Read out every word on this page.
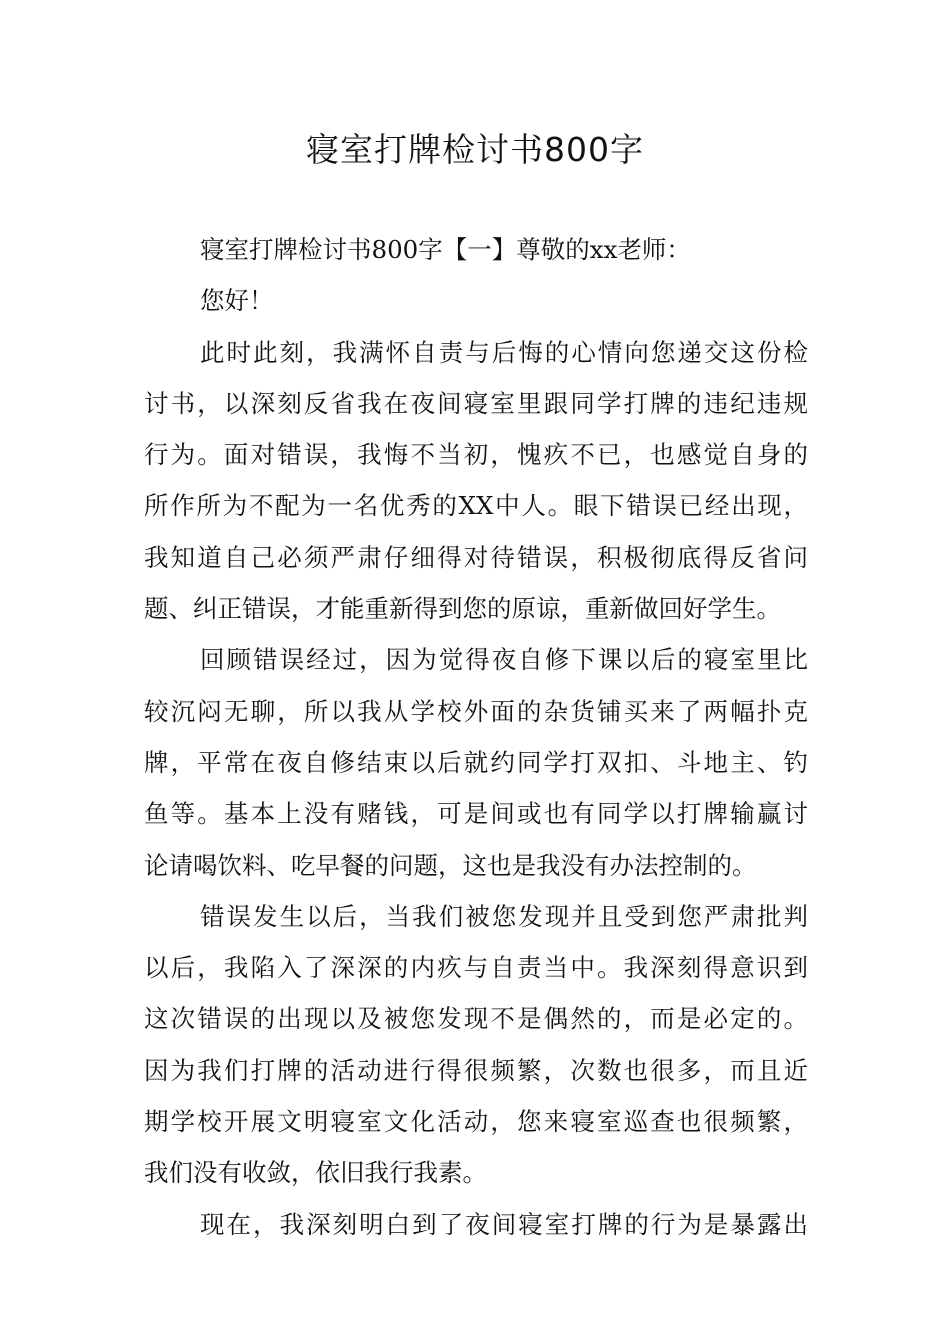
寝室打牌检讨书800字
寝室打牌检讨书800字【一】尊敬的xx老师：
您好！
此时此刻，我满怀自责与后悔的心情向您递交这份检
讨书，以深刻反省我在夜间寝室里跟同学打牌的违纪违规
行为。面对错误，我悔不当初，愧疚不已，也感觉自身的
所作所为不配为一名优秀的XX中人。眼下错误已经出现，
我知道自己必须严肃仔细得对待错误，积极彻底得反省问
题、纠正错误，才能重新得到您的原谅，重新做回好学生。
回顾错误经过，因为觉得夜自修下课以后的寝室里比
较沉闷无聊，所以我从学校外面的杂货铺买来了两幅扑克
牌，平常在夜自修结束以后就约同学打双扣、斗地主、钓
鱼等。基本上没有赌钱，可是间或也有同学以打牌输赢讨
论请喝饮料、吃早餐的问题，这也是我没有办法控制的。
错误发生以后，当我们被您发现并且受到您严肃批判
以后，我陷入了深深的内疚与自责当中。我深刻得意识到
这次错误的出现以及被您发现不是偶然的，而是必定的。
因为我们打牌的活动进行得很频繁，次数也很多，而且近
期学校开展文明寝室文化活动，您来寝室巡查也很频繁，
我们没有收敛，依旧我行我素。
现在，我深刻明白到了夜间寝室打牌的行为是暴露出
